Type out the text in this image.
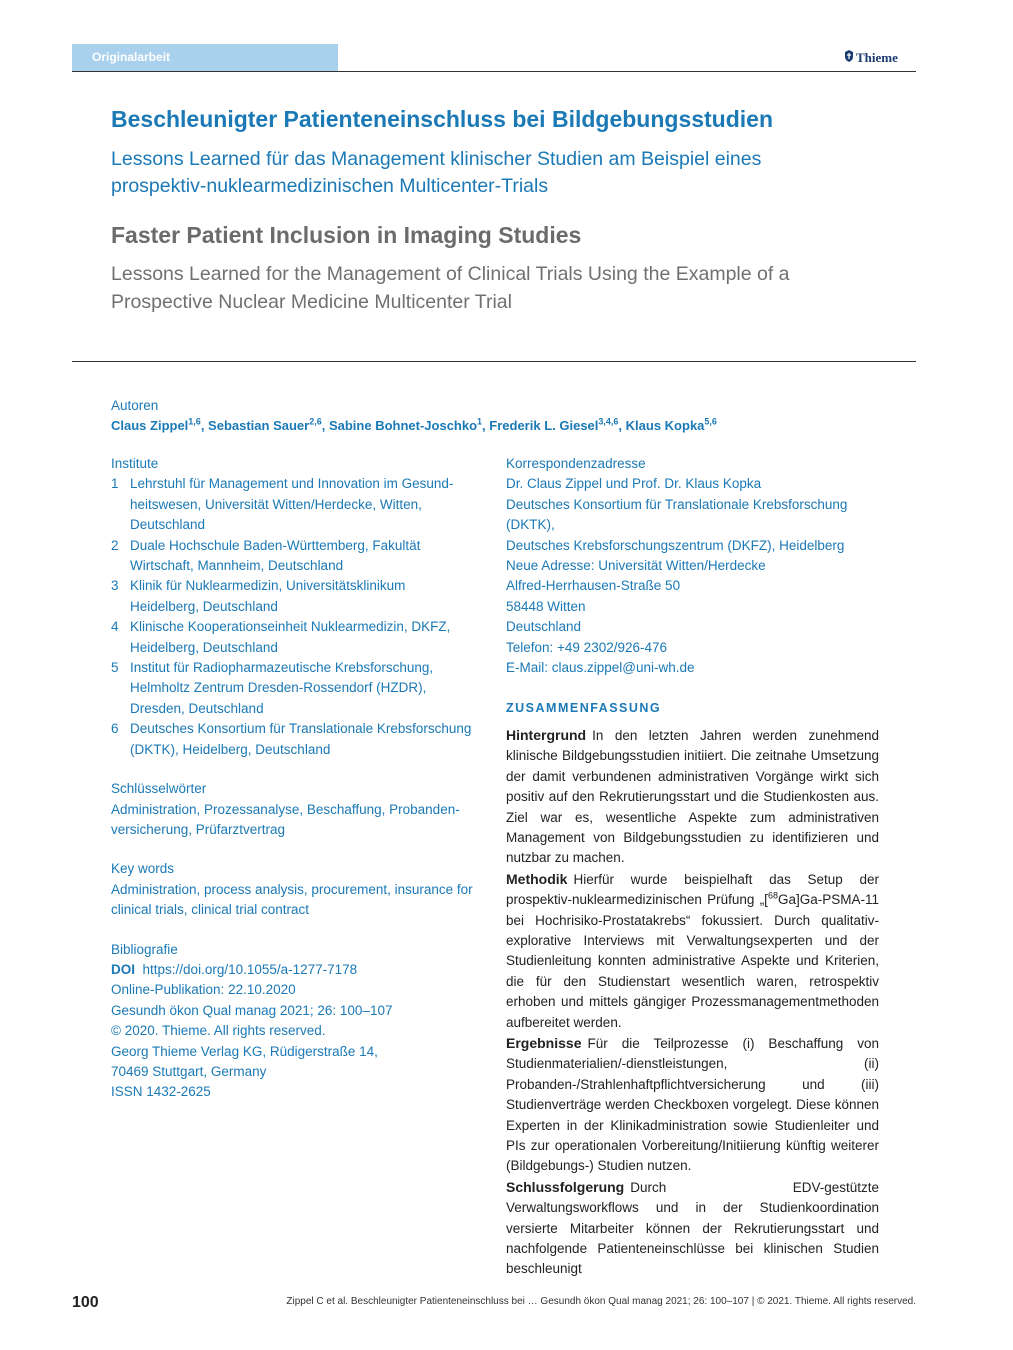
Originalarbeit	Thieme
Beschleunigter Patienteneinschluss bei Bildgebungsstudien
Lessons Learned für das Management klinischer Studien am Beispiel eines
prospektiv-nuklearmedizinischen Multicenter-Trials
Faster Patient Inclusion in Imaging Studies
Lessons Learned for the Management of Clinical Trials Using the Example of a
Prospective Nuclear Medicine Multicenter Trial
Autoren
Claus Zippel$^{1,6}$, Sebastian Sauer$^{2,6}$, Sabine Bohnet-Joschko$^1$, Frederik L. Giesel$^{3,4,6}$, Klaus Kopka$^{5,6}$
Institute
1 Lehrstuhl für Management und Innovation im Gesund-
heitswesen, Universität Witten/Herdecke, Witten,
Deutschland
2 Duale Hochschule Baden-Württemberg, Fakultät
Wirtschaft, Mannheim, Deutschland
3 Klinik für Nuklearmedizin, Universitätsklinikum
Heidelberg, Deutschland
4 Klinische Kooperationseinheit Nuklearmedizin, DKFZ,
Heidelberg, Deutschland
5 Institut für Radiopharmazeutische Krebsforschung,
Helmholtz Zentrum Dresden-Rossendorf (HZDR),
Dresden, Deutschland
6 Deutsches Konsortium für Translationale Krebsforschung
(DKTK), Heidelberg, Deutschland
Schlüsselwörter
Administration, Prozessanalyse, Beschaffung, Probanden-
versicherung, Prüfarztvertrag
Key words
Administration, process analysis, procurement, insurance for
clinical trials, clinical trial contract
Bibliografie
DOI https://doi.org/10.1055/a-1277-7178
Online-Publikation: 22.10.2020
Gesundh ökon Qual manag 2021; 26: 100–107
© 2020. Thieme. All rights reserved.
Georg Thieme Verlag KG, Rüdigerstraße 14,
70469 Stuttgart, Germany
ISSN 1432-2625
Korrespondenzadresse
Dr. Claus Zippel und Prof. Dr. Klaus Kopka
Deutsches Konsortium für Translationale Krebsforschung
(DKTK),
Deutsches Krebsforschungszentrum (DKFZ), Heidelberg
Neue Adresse: Universität Witten/Herdecke
Alfred-Herrhausen-Straße 50
58448 Witten
Deutschland
Telefon: +49 2302/926-476
E-Mail: claus.zippel@uni-wh.de
ZUSAMMENFASSUNG

Hintergrund In den letzten Jahren werden zunehmend klinische Bildgebungsstudien initiiert. Die zeitnahe Umsetzung der damit verbundenen administrativen Vorgänge wirkt sich positiv auf den Rekrutierungsstart und die Studienkosten aus. Ziel war es, wesentliche Aspekte zum administrativen Management von Bildgebungsstudien zu identifizieren und nutzbar zu machen.

Methodik Hierfür wurde beispielhaft das Setup der prospektiv-nuklearmedizinischen Prüfung „[$^{68}$Ga]Ga-PSMA-11 bei Hochrisiko-Prostatakrebs“ fokussiert. Durch qualitativ-explorative Interviews mit Verwaltungsexperten und der Studienleitung konnten administrative Aspekte und Kriterien, die für den Studienstart wesentlich waren, retrospektiv erhoben und mittels gängiger Prozessmanagementmethoden aufbereitet werden.

Ergebnisse Für die Teilprozesse (i) Beschaffung von Studienmaterialien/-dienstleistungen, (ii) Probanden-/Strahlenhaftpflichtversicherung und (iii) Studienverträge werden Checkboxen vorgelegt. Diese können Experten in der Klinikadministration sowie Studienleiter und PIs zur operationalen Vorbereitung/Initiierung künftig weiterer (Bildgebungs-) Studien nutzen.

Schlussfolgerung Durch EDV-gestützte Verwaltungsworkflows und in der Studienkoordination versierte Mitarbeiter können der Rekrutierungsstart und nachfolgende Patienteneinschlüsse bei klinischen Studien beschleunigt

100	Zippel C et al. Beschleunigter Patienteneinschluss bei … Gesundh ökon Qual manag 2021; 26: 100–107 | © 2021. Thieme. All rights reserved.
